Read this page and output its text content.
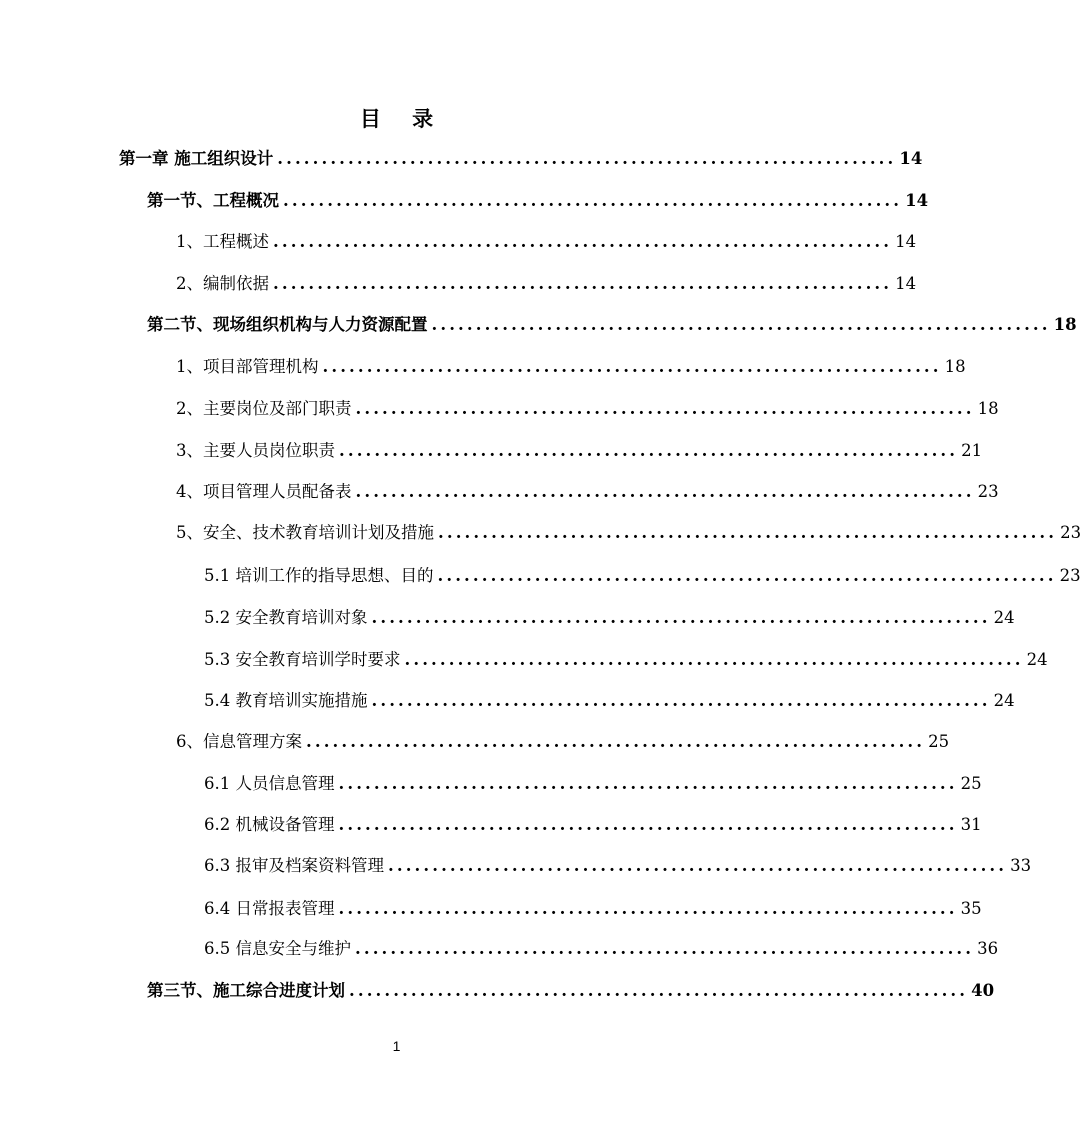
目 录
第一章 施工组织设计 ...................................................................... 14
第一节、工程概况 ...................................................................... 14
1、工程概述 ...................................................................... 14
2、编制依据 ...................................................................... 14
第二节、现场组织机构与人力资源配置 ...................................................................... 18
1、项目部管理机构 ...................................................................... 18
2、主要岗位及部门职责 ...................................................................... 18
3、主要人员岗位职责 ...................................................................... 21
4、项目管理人员配备表 ...................................................................... 23
5、安全、技术教育培训计划及措施 ...................................................................... 23
5.1 培训工作的指导思想、目的 ...................................................................... 23
5.2 安全教育培训对象 ...................................................................... 24
5.3 安全教育培训学时要求 ...................................................................... 24
5.4 教育培训实施措施 ...................................................................... 24
6、信息管理方案 ...................................................................... 25
6.1 人员信息管理 ...................................................................... 25
6.2 机械设备管理 ...................................................................... 31
6.3 报审及档案资料管理 ...................................................................... 33
6.4 日常报表管理 ...................................................................... 35
6.5 信息安全与维护 ...................................................................... 36
第三节、施工综合进度计划 ...................................................................... 40
1
